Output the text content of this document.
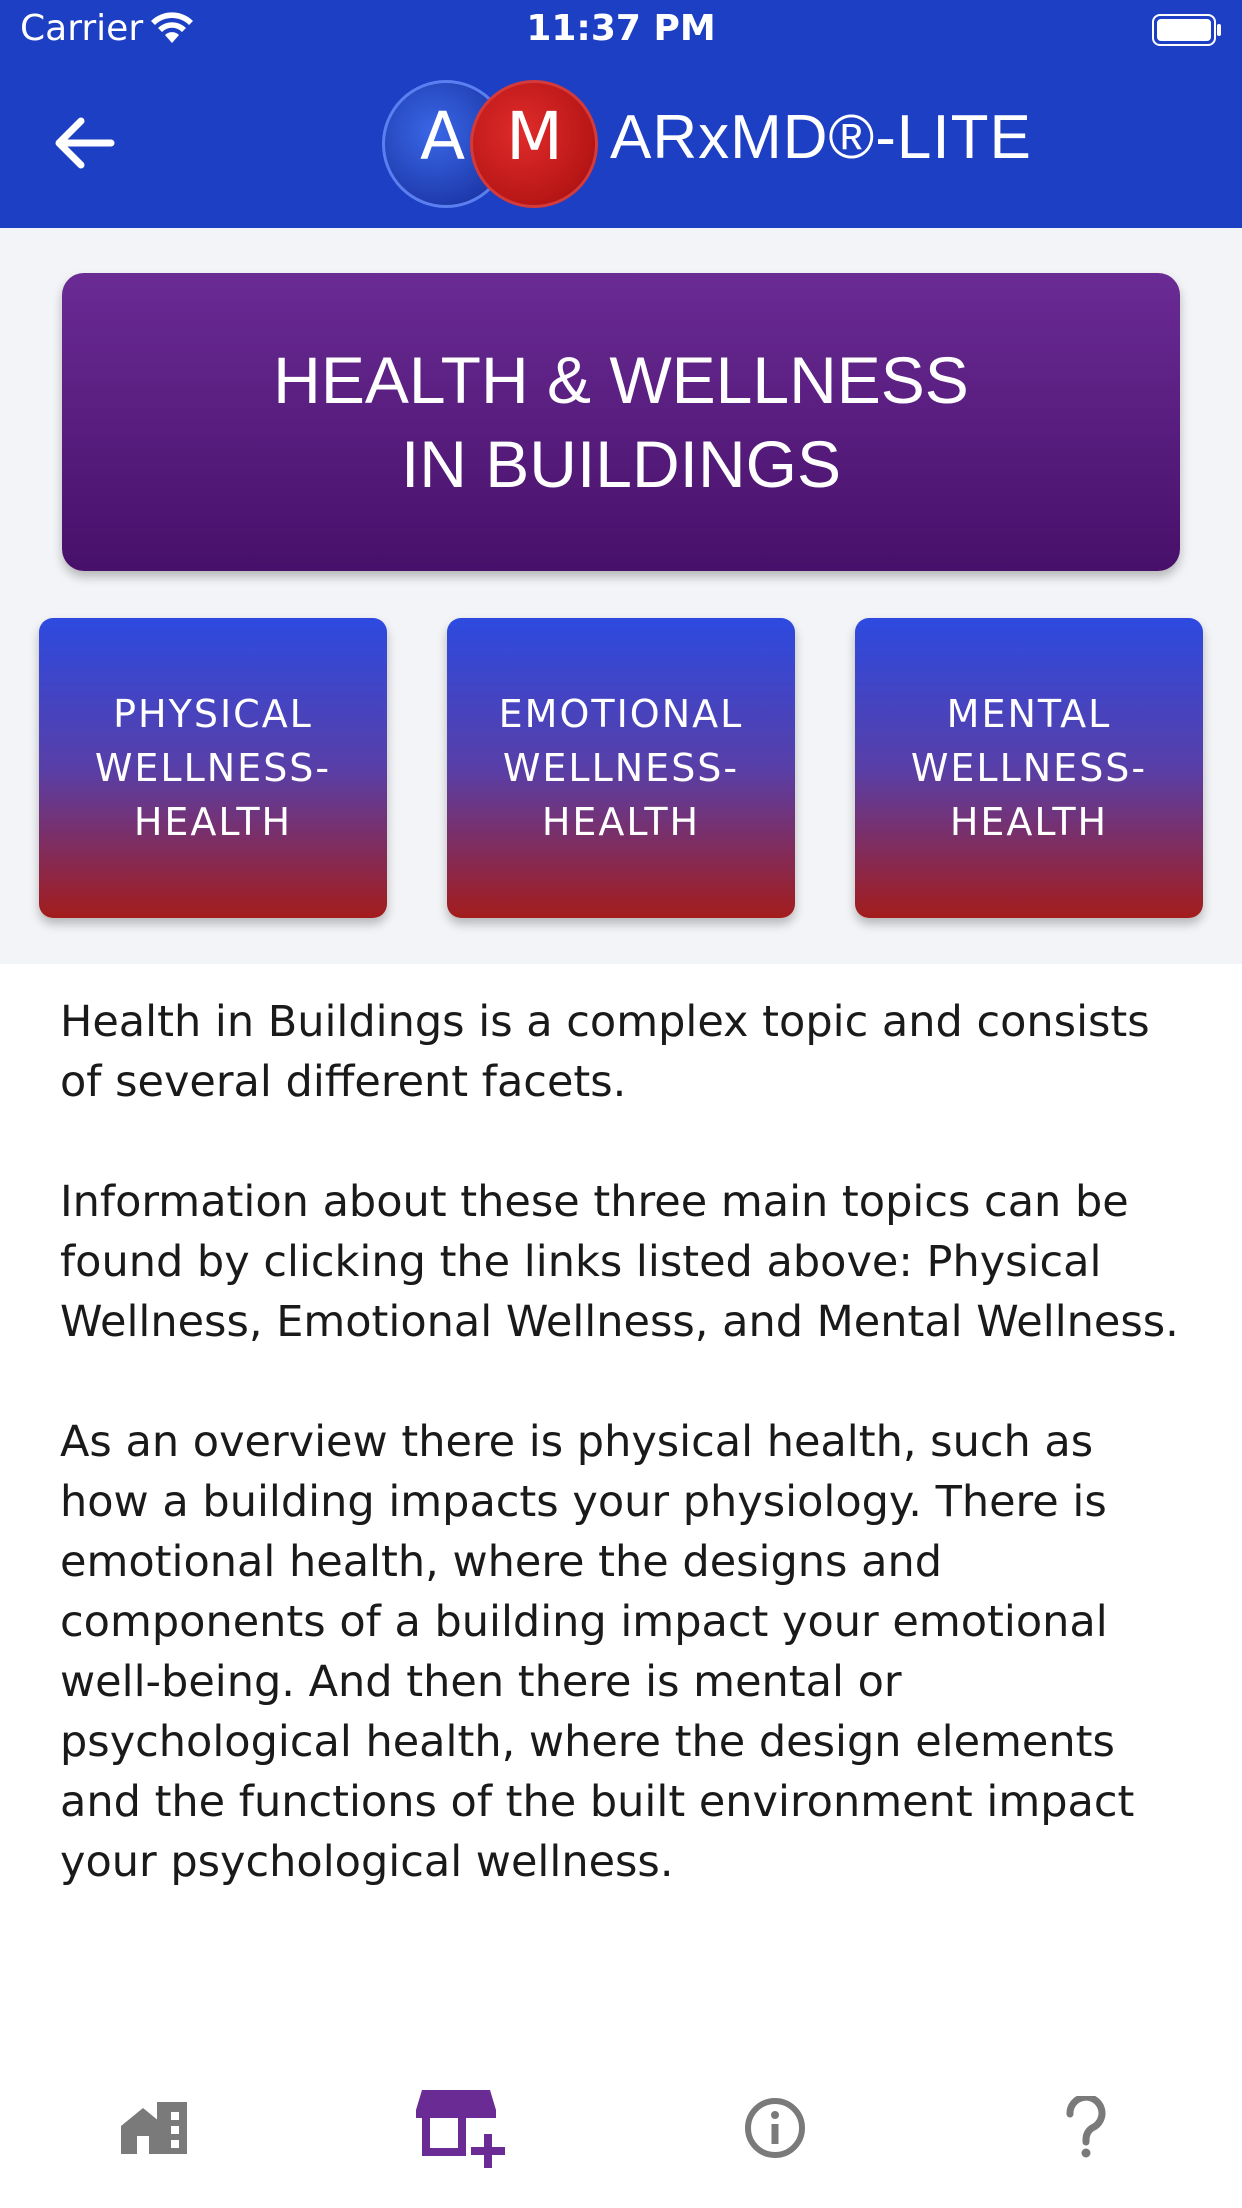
Carrier	11:37 PM
A M ARxMD®-LITE
HEALTH & WELLNESS
IN BUILDINGS
PHYSICAL
WELLNESS-
HEALTH
EMOTIONAL
WELLNESS-
HEALTH
MENTAL
WELLNESS-
HEALTH

Health in Buildings is a complex topic and consists of several different facets.

Information about these three main topics can be found by clicking the links listed above: Physical Wellness, Emotional Wellness, and Mental Wellness.

As an overview there is physical health, such as how a building impacts your physiology. There is emotional health, where the designs and components of a building impact your emotional well-being. And then there is mental or psychological health, where the design elements and the functions of the built environment impact your psychological wellness.
